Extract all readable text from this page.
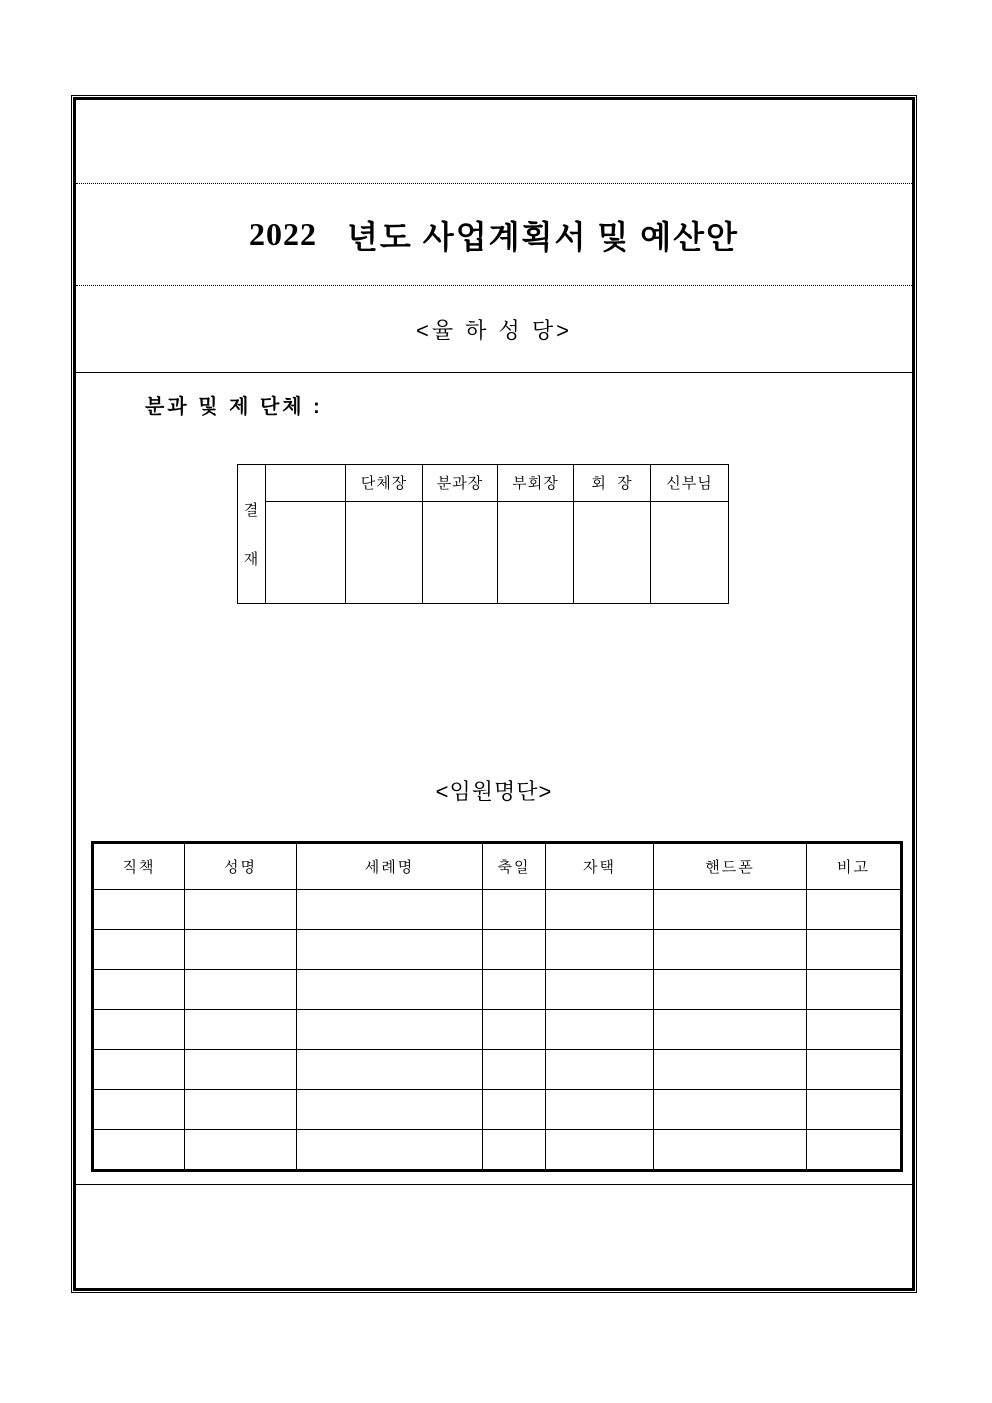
2022 년도 사업계획서 및 예산안
<율 하 성 당>
분과 및 제 단체 :

결
재		단체장	분과장	부회장	회  장	신부님

<임원명단>
직책	성명	세례명	축일	자택	핸드폰	비고
